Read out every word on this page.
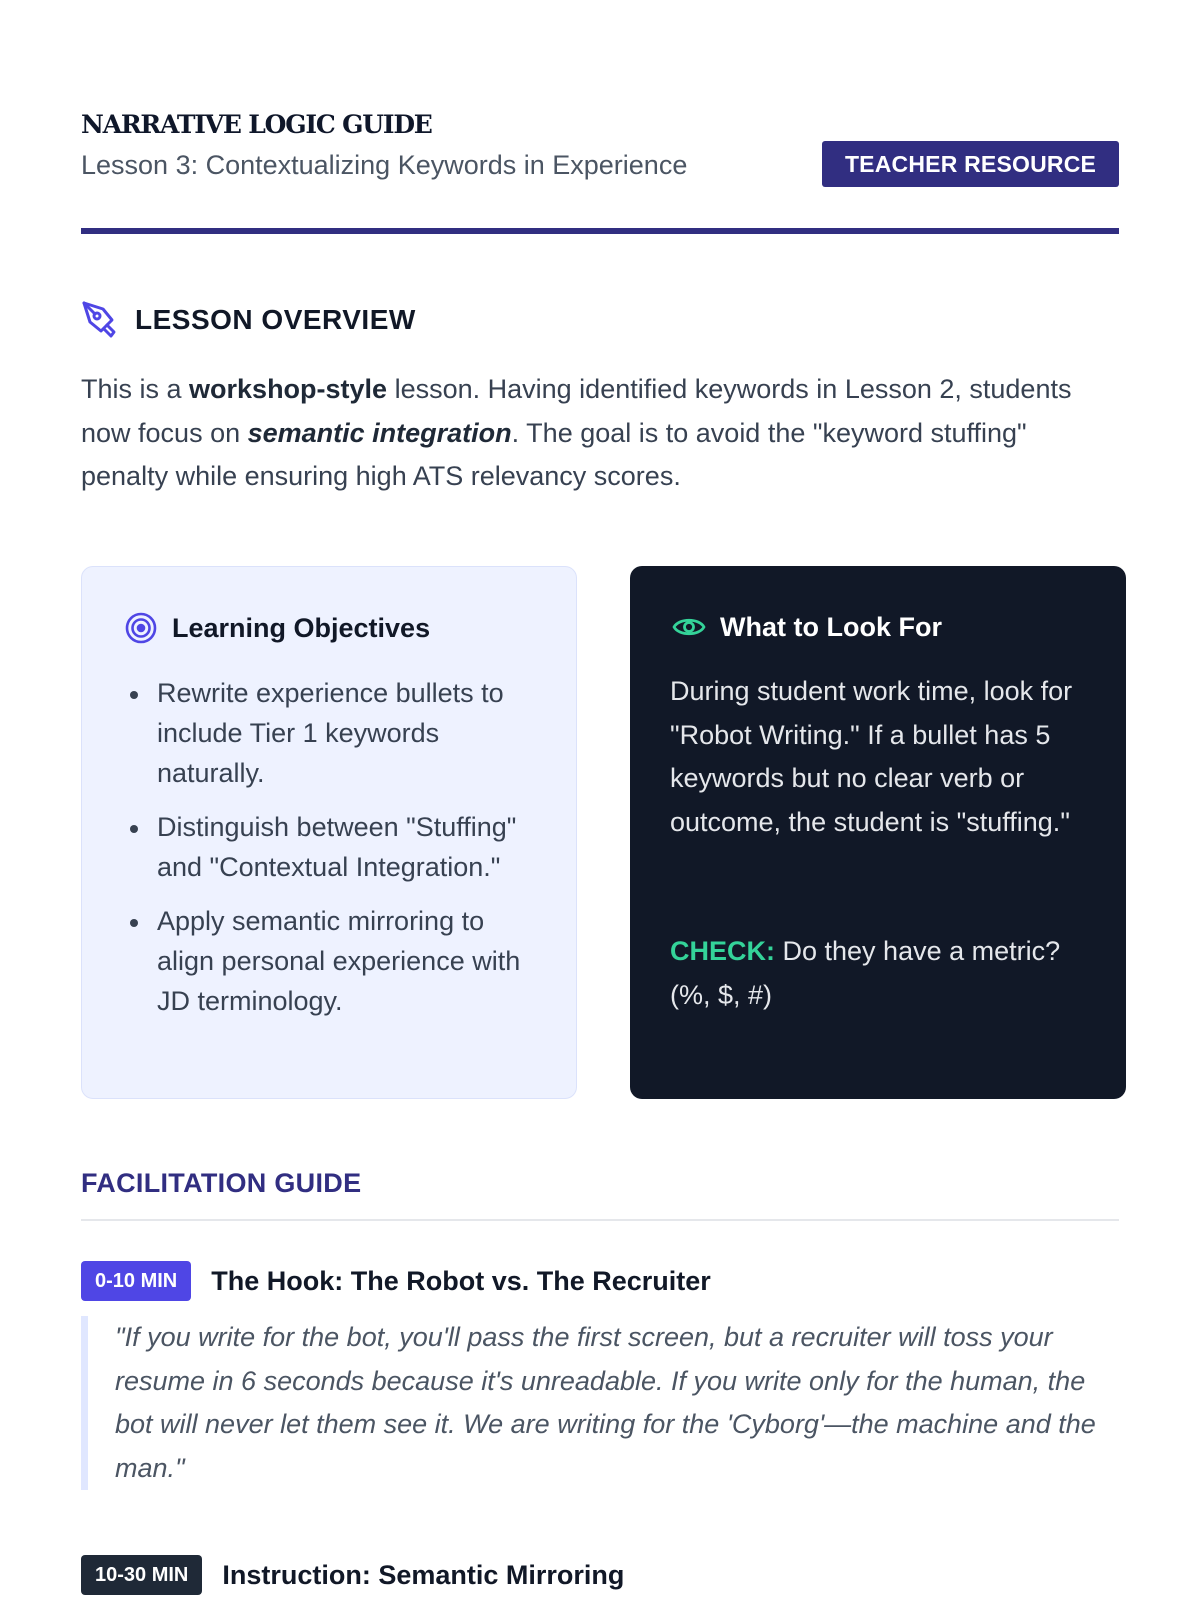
NARRATIVE LOGIC GUIDE
Lesson 3: Contextualizing Keywords in Experience	TEACHER RESOURCE
LESSON OVERVIEW

This is a workshop-style lesson. Having identified keywords in Lesson 2, students now focus on semantic integration. The goal is to avoid the "keyword stuffing" penalty while ensuring high ATS relevancy scores.

Learning Objectives
Rewrite experience bullets to include Tier 1 keywords naturally.
Distinguish between "Stuffing" and "Contextual Integration."
Apply semantic mirroring to align personal experience with JD terminology.
What to Look For

During student work time, look for "Robot Writing." If a bullet has 5 keywords but no clear verb or outcome, the student is "stuffing."

CHECK: Do they have a metric? (%, $, #)

FACILITATION GUIDE
0-10 MIN	The Hook: The Robot vs. The Recruiter
"If you write for the bot, you'll pass the first screen, but a recruiter will toss your resume in 6 seconds because it's unreadable. If you write only for the human, the bot will never let them see it. We are writing for the 'Cyborg'—the machine and the man."
10-30 MIN	Instruction: Semantic Mirroring
